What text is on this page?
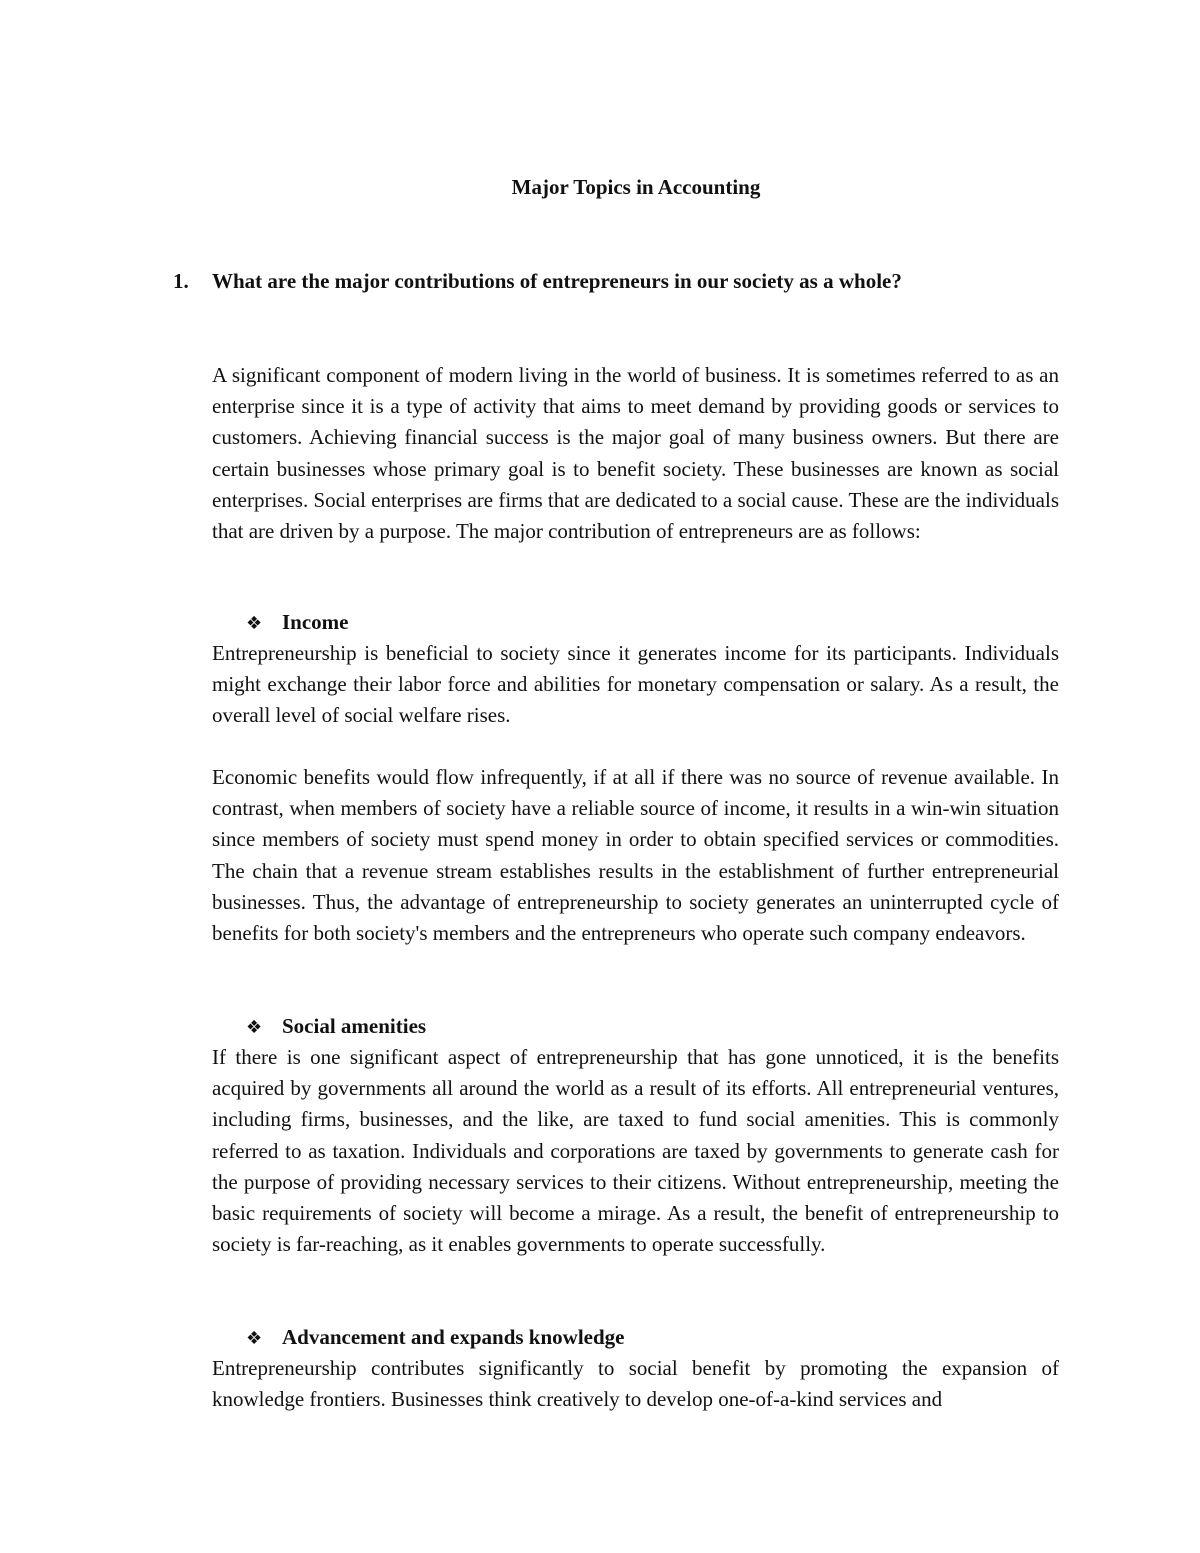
Major Topics in Accounting

1. What are the major contributions of entrepreneurs in our society as a whole?

A significant component of modern living in the world of business. It is sometimes referred to as an enterprise since it is a type of activity that aims to meet demand by providing goods or services to customers. Achieving financial success is the major goal of many business owners. But there are certain businesses whose primary goal is to benefit society. These businesses are known as social enterprises. Social enterprises are firms that are dedicated to a social cause. These are the individuals that are driven by a purpose. The major contribution of entrepreneurs are as follows:

❖ Income

Entrepreneurship is beneficial to society since it generates income for its participants. Individuals might exchange their labor force and abilities for monetary compensation or salary. As a result, the overall level of social welfare rises.

Economic benefits would flow infrequently, if at all if there was no source of revenue available. In contrast, when members of society have a reliable source of income, it results in a win-win situation since members of society must spend money in order to obtain specified services or commodities. The chain that a revenue stream establishes results in the establishment of further entrepreneurial businesses. Thus, the advantage of entrepreneurship to society generates an uninterrupted cycle of benefits for both society's members and the entrepreneurs who operate such company endeavors.

❖ Social amenities

If there is one significant aspect of entrepreneurship that has gone unnoticed, it is the benefits acquired by governments all around the world as a result of its efforts. All entrepreneurial ventures, including firms, businesses, and the like, are taxed to fund social amenities. This is commonly referred to as taxation. Individuals and corporations are taxed by governments to generate cash for the purpose of providing necessary services to their citizens. Without entrepreneurship, meeting the basic requirements of society will become a mirage. As a result, the benefit of entrepreneurship to society is far-reaching, as it enables governments to operate successfully.

❖ Advancement and expands knowledge

Entrepreneurship contributes significantly to social benefit by promoting the expansion of knowledge frontiers. Businesses think creatively to develop one-of-a-kind services and
